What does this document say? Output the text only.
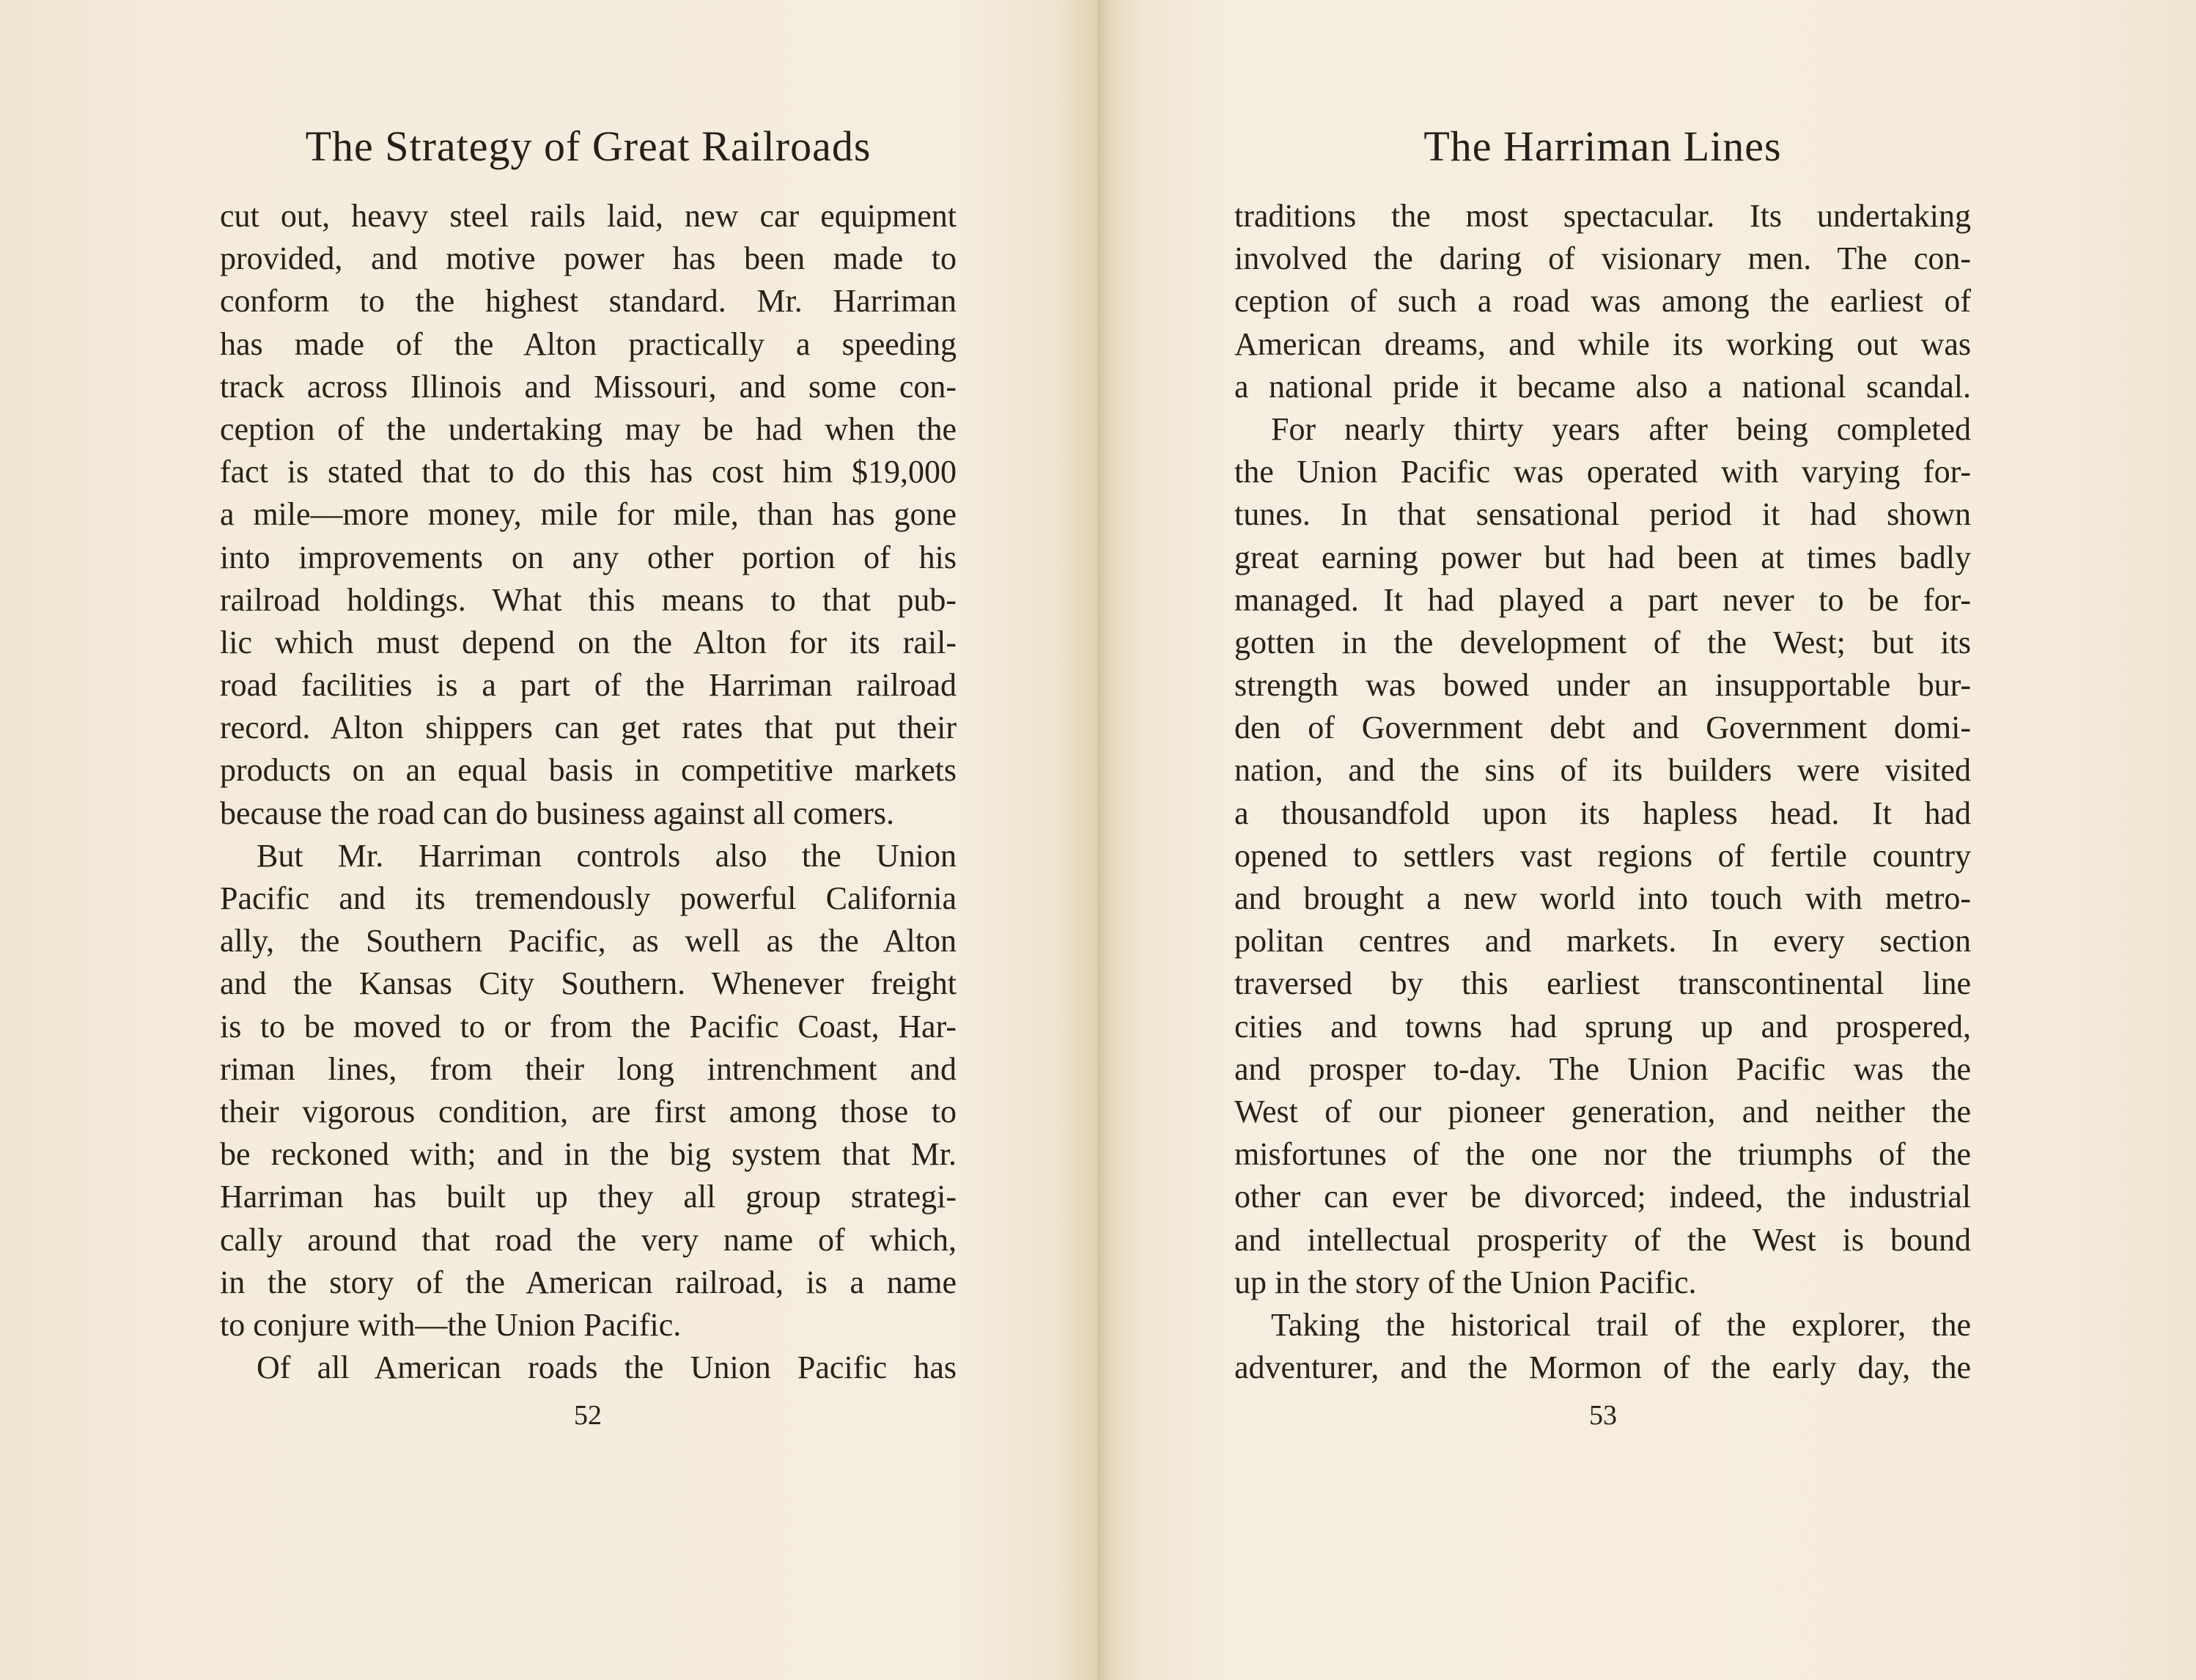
The Strategy of Great Railroads
cut out, heavy steel rails laid, new car equipment
provided, and motive power has been made to
conform to the highest standard. Mr. Harriman
has made of the Alton practically a speeding
track across Illinois and Missouri, and some con-
ception of the undertaking may be had when the
fact is stated that to do this has cost him $19,000
a mile—more money, mile for mile, than has gone
into improvements on any other portion of his
railroad holdings. What this means to that pub-
lic which must depend on the Alton for its rail-
road facilities is a part of the Harriman railroad
record. Alton shippers can get rates that put their
products on an equal basis in competitive markets
because the road can do business against all comers.
But Mr. Harriman controls also the Union
Pacific and its tremendously powerful California
ally, the Southern Pacific, as well as the Alton
and the Kansas City Southern. Whenever freight
is to be moved to or from the Pacific Coast, Har-
riman lines, from their long intrenchment and
their vigorous condition, are first among those to
be reckoned with; and in the big system that Mr.
Harriman has built up they all group strategi-
cally around that road the very name of which,
in the story of the American railroad, is a name
to conjure with—the Union Pacific.
Of all American roads the Union Pacific has
52
The Harriman Lines
traditions the most spectacular. Its undertaking
involved the daring of visionary men. The con-
ception of such a road was among the earliest of
American dreams, and while its working out was
a national pride it became also a national scandal.
For nearly thirty years after being completed
the Union Pacific was operated with varying for-
tunes. In that sensational period it had shown
great earning power but had been at times badly
managed. It had played a part never to be for-
gotten in the development of the West; but its
strength was bowed under an insupportable bur-
den of Government debt and Government domi-
nation, and the sins of its builders were visited
a thousandfold upon its hapless head. It had
opened to settlers vast regions of fertile country
and brought a new world into touch with metro-
politan centres and markets. In every section
traversed by this earliest transcontinental line
cities and towns had sprung up and prospered,
and prosper to-day. The Union Pacific was the
West of our pioneer generation, and neither the
misfortunes of the one nor the triumphs of the
other can ever be divorced; indeed, the industrial
and intellectual prosperity of the West is bound
up in the story of the Union Pacific.
Taking the historical trail of the explorer, the
adventurer, and the Mormon of the early day, the
53
